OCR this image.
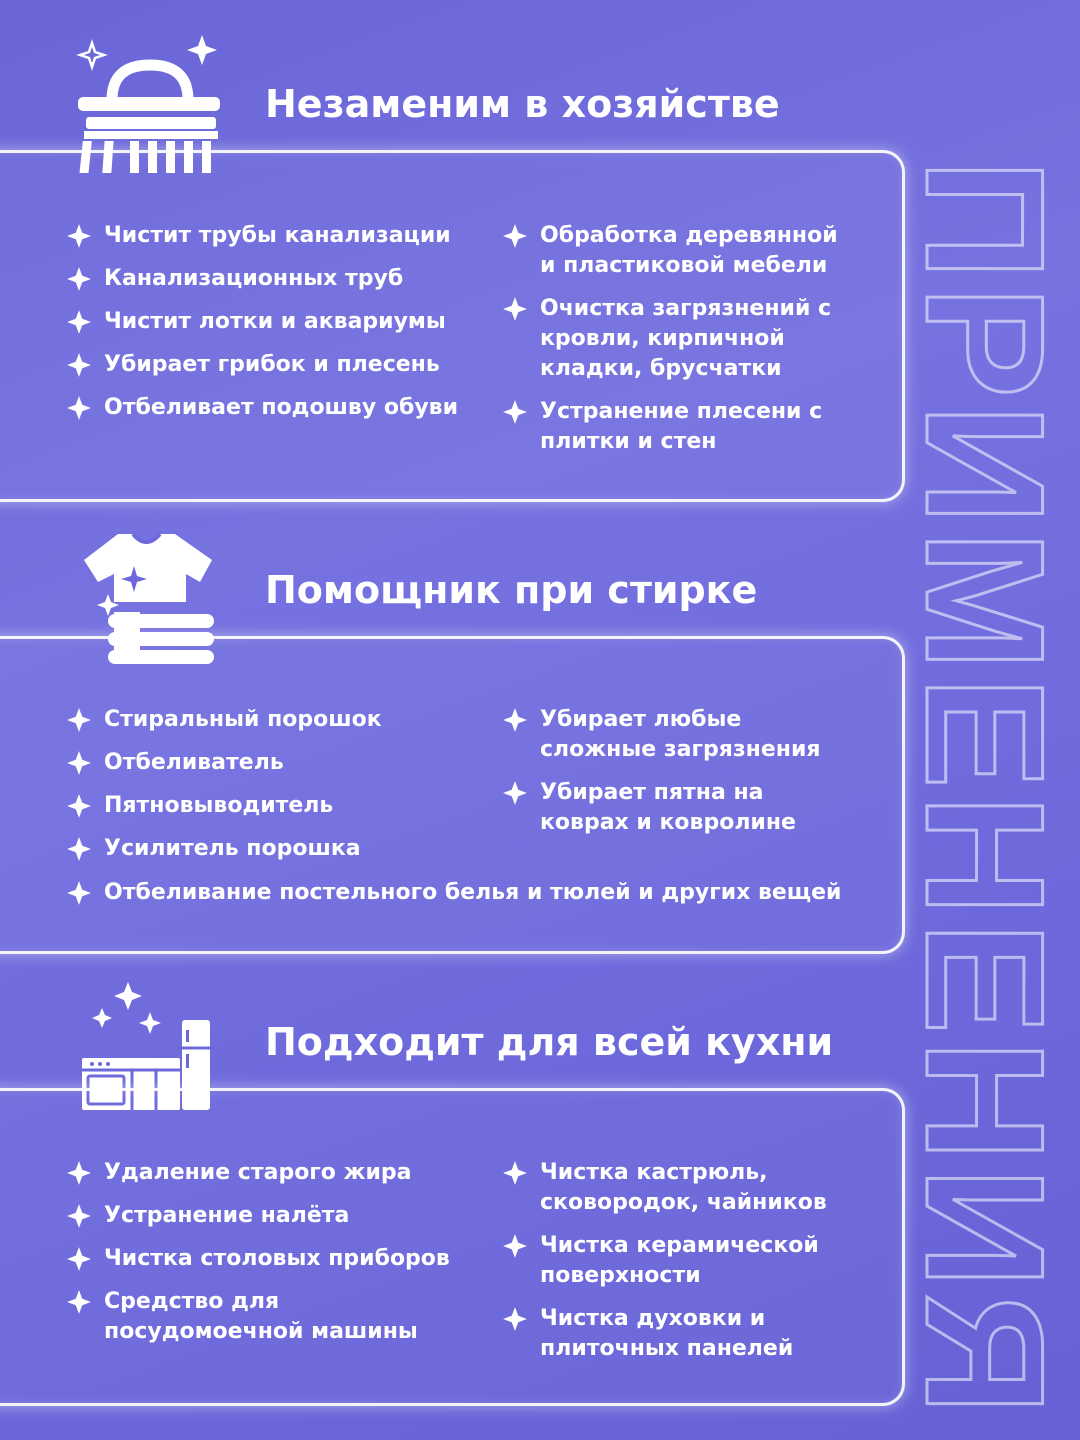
ПРИМЕНЕНИЯ
Незаменим в хозяйстве
Чистит трубы канализации
Канализационных труб
Чистит лотки и аквариумы
Убирает грибок и плесень
Отбеливает подошву обуви
Обработка деревянной и пластиковой мебели
Очистка загрязнений с кровли, кирпичной кладки, брусчатки
Устранение плесени с плитки и стен
Помощник при стирке
Стиральный порошок
Отбеливатель
Пятновыводитель
Усилитель порошка
Убирает любые сложные загрязнения
Убирает пятна на коврах и ковролине
Отбеливание постельного белья и тюлей и других вещей
Подходит для всей кухни
Удаление старого жира
Устранение налёта
Чистка столовых приборов
Средство для посудомоечной машины
Чистка кастрюль, сковородок, чайников
Чистка керамической поверхности
Чистка духовки и плиточных панелей
